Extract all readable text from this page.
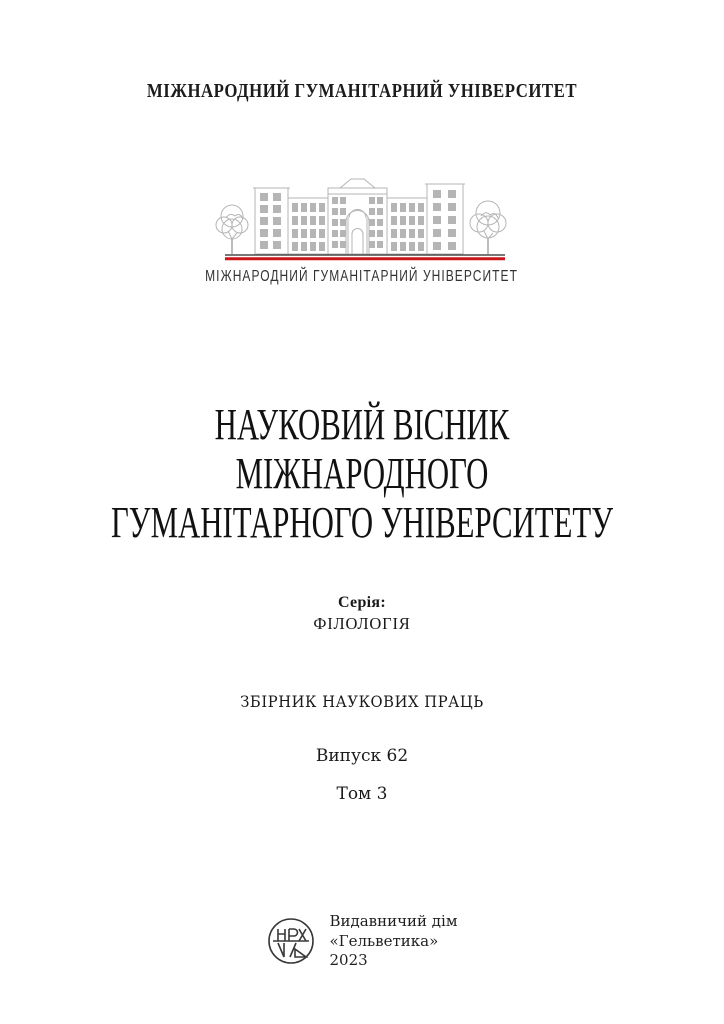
МІЖНАРОДНИЙ ГУМАНІТАРНИЙ УНІВЕРСИТЕТ
МІЖНАРОДНИЙ ГУМАНІТАРНИЙ УНІВЕРСИТЕТ
НАУКОВИЙ ВІСНИК
МІЖНАРОДНОГО
ГУМАНІТАРНОГО УНІВЕРСИТЕТУ
Серія:
ФІЛОЛОГІЯ
ЗБІРНИК НАУКОВИХ ПРАЦЬ
Випуск 62
Том 3
Видавничий дім
«Гельветика»
2023
